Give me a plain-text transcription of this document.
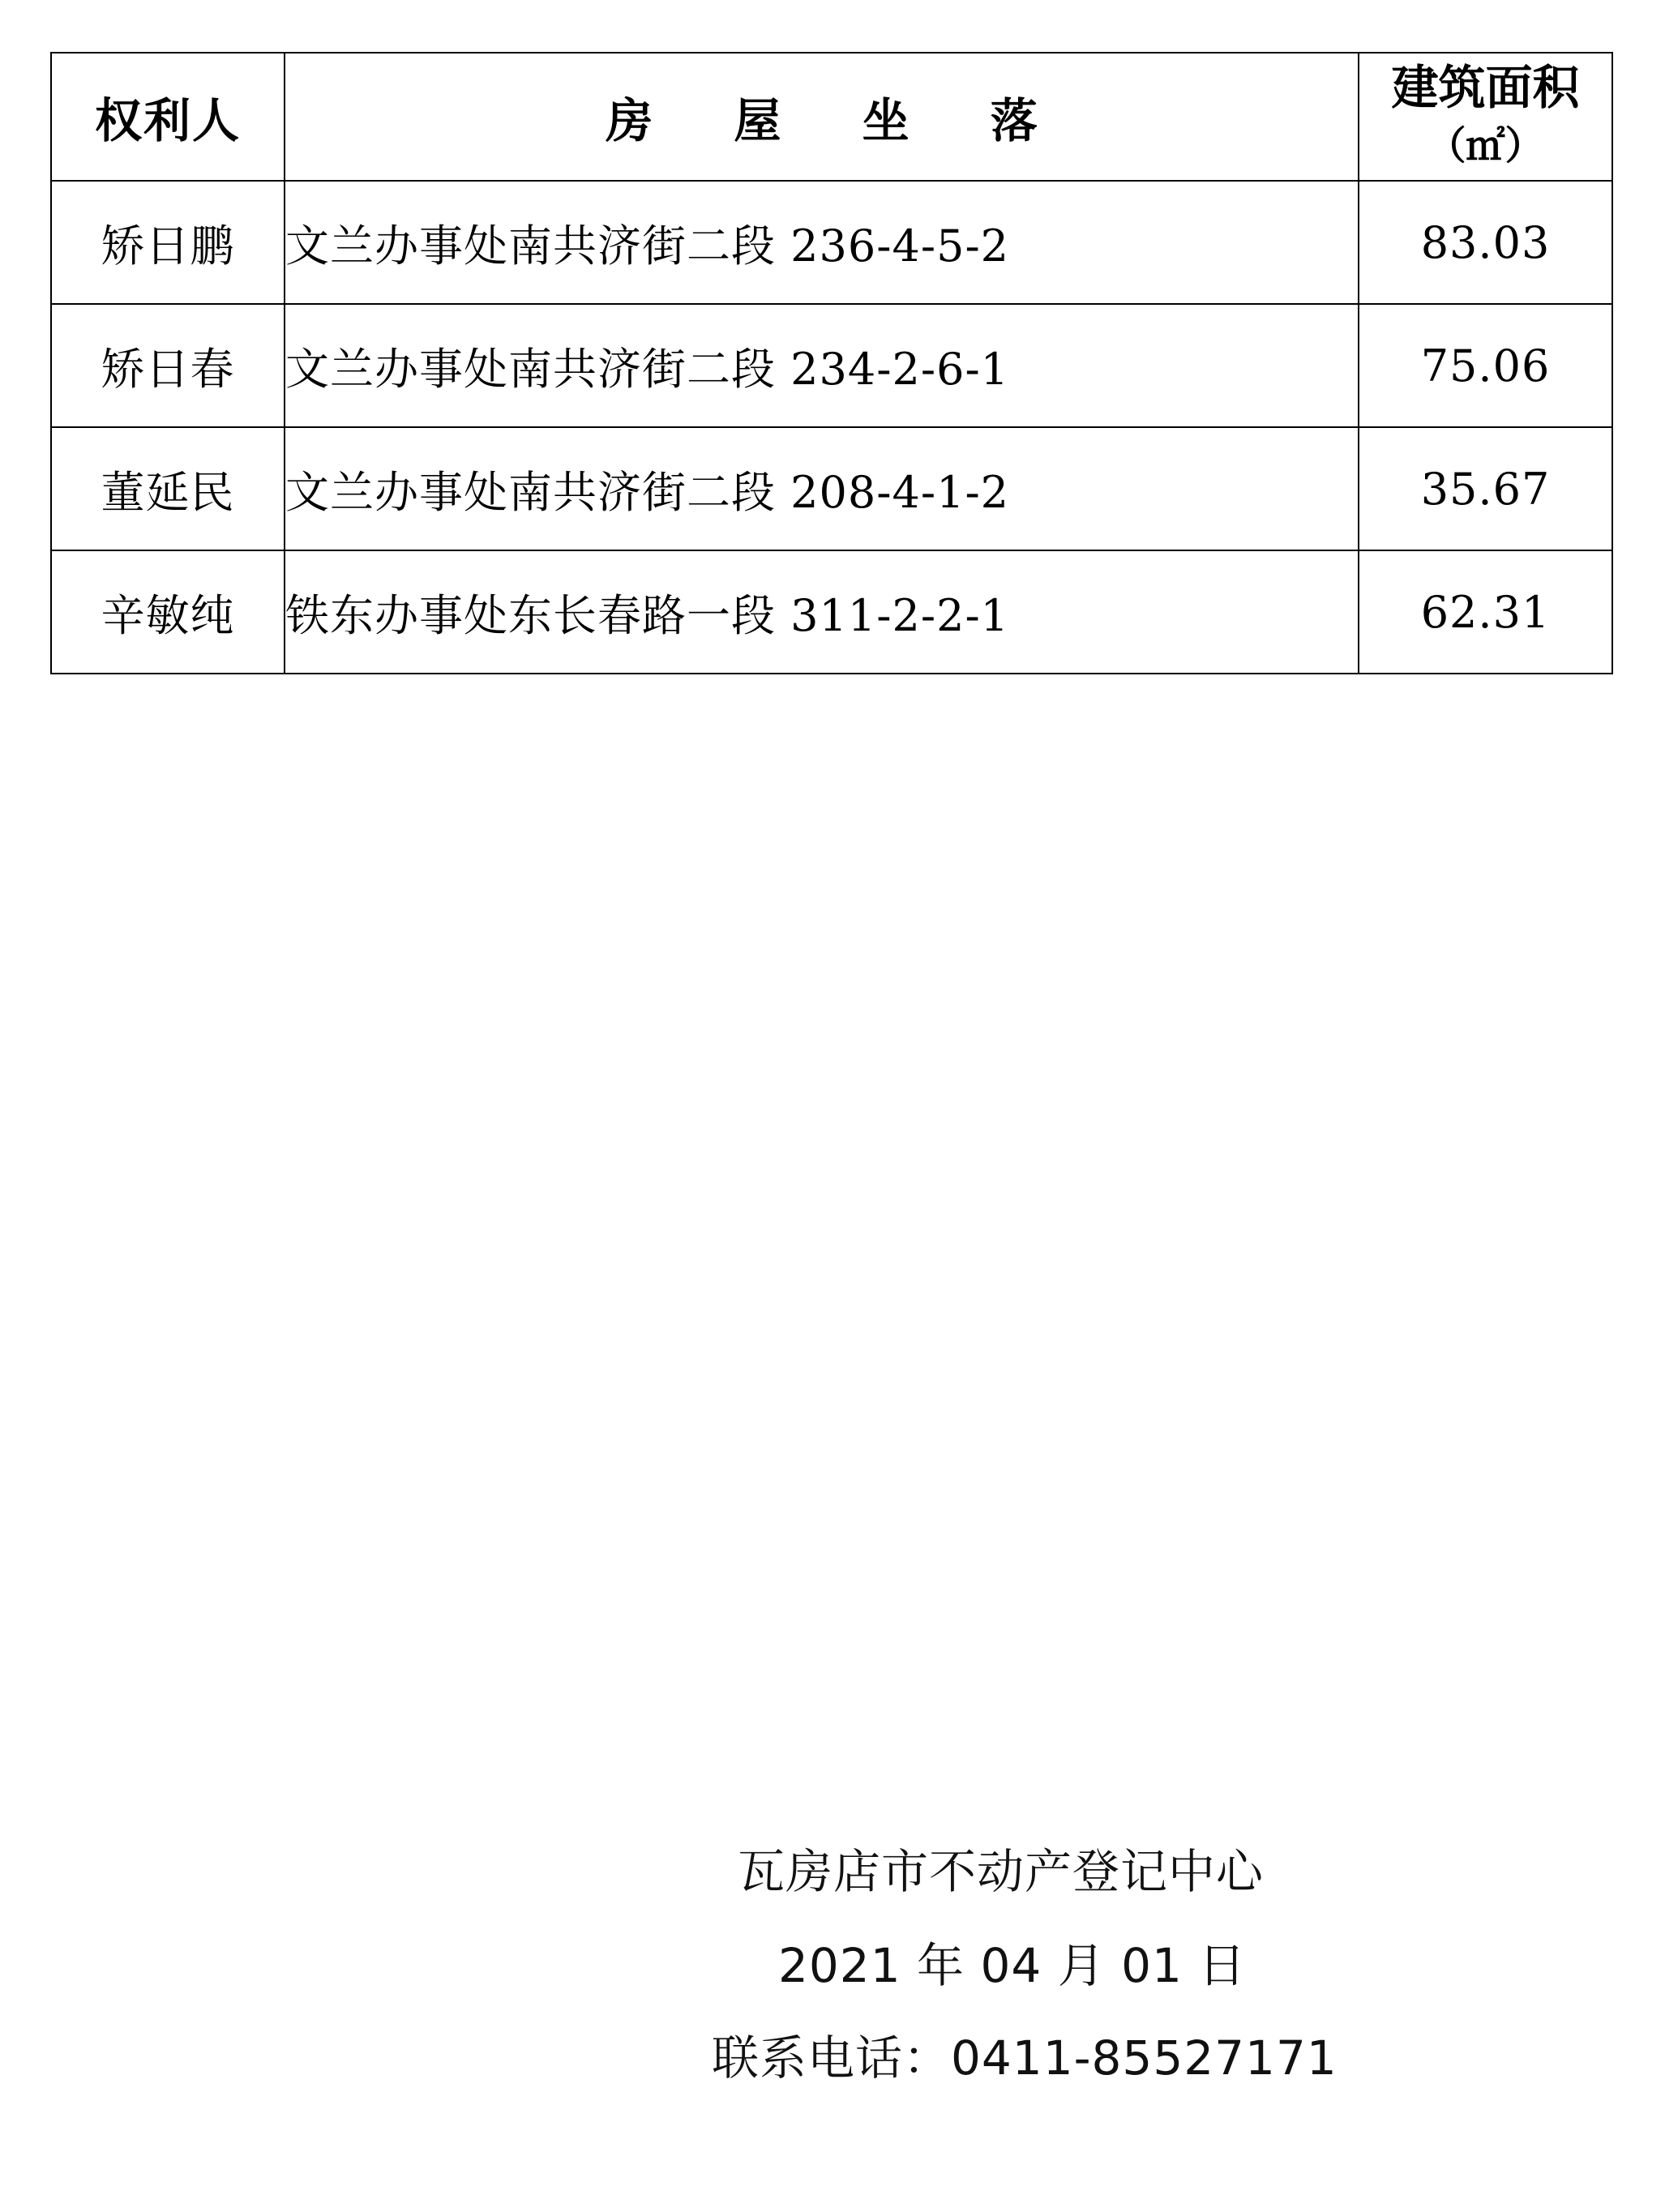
权利人	房 屋 坐 落	建筑面积
（㎡）

矫日鹏	文兰办事处南共济街二段 236-4-5-2	83.03
矫日春	文兰办事处南共济街二段 234-2-6-1	75.06
董延民	文兰办事处南共济街二段 208-4-1-2	35.67
辛敏纯	铁东办事处东长春路一段 311-2-2-1	62.31
瓦房店市不动产登记中心
2021 年 04 月 01 日
联系电话：0411-85527171
